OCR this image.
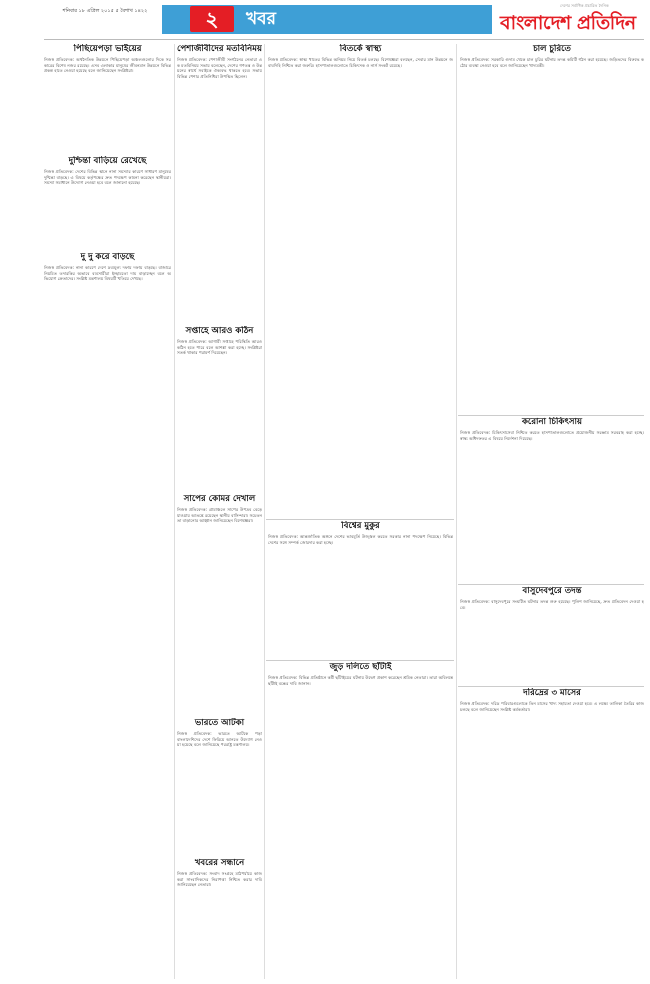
শনিবার ১৮ এপ্রিল ২০১৫ ৫ বৈশাখ ১৪২২	২	খবর
দেশের সর্বাধিক প্রচারিত দৈনিক
বাংলাদেশ প্রতিদিন
পিছিয়েপড়া ভাইয়ের
নিজস্ব প্রতিবেদক: অর্থনৈতিক উন্নয়নে পিছিয়েপড়া অঞ্চলগুলোর দিকে সরকারের বিশেষ নজর রয়েছে। এসব এলাকার মানুষের জীবনমান উন্নয়নে বিভিন্ন প্রকল্প হাতে নেওয়া হয়েছে বলে জানিয়েছেন সংশ্লিষ্টরা।
দুশ্চিন্তা বাড়িয়ে রেখেছে
নিজস্ব প্রতিবেদক: দেশের বিভিন্ন স্থানে নানা সমস্যার কারণে সাধারণ মানুষের দুশ্চিন্তা বাড়ছে। এ বিষয়ে কর্তৃপক্ষের দ্রুত পদক্ষেপ কামনা করেছেন স্থানীয়রা। সমস্যা সমাধানে উদ্যোগ নেওয়া হবে বলে জানানো হয়েছে।
দু দু করে বাড়ছে
নিজস্ব প্রতিবেদক: নানা কারণে দেশে দ্রব্যমূল্য দফায় দফায় বাড়ছে। বাজারে নিয়মিত তদারকির অভাবে ব্যবসায়ীরা ইচ্ছামতো দাম বাড়াচ্ছেন বলে অভিযোগ ক্রেতাদের। সংশ্লিষ্ট মন্ত্রণালয় বিষয়টি খতিয়ে দেখছে।
পেশাজীবীদের মতবিনিময়
নিজস্ব প্রতিবেদক: পেশাজীবী সংগঠনের নেতারা এক মতবিনিময় সভায় বলেছেন, দেশের গণতন্ত্র ও উন্নয়নের স্বার্থে সবাইকে ঐক্যবদ্ধ থাকতে হবে। সভায় বিভিন্ন পেশার প্রতিনিধিরা উপস্থিত ছিলেন।
সপ্তাহে আরও কঠিন
নিজস্ব প্রতিবেদক: আগামী সপ্তাহে পরিস্থিতি আরও কঠিন হতে পারে বলে আশঙ্কা করা হচ্ছে। সংশ্লিষ্টরা সতর্ক থাকার পরামর্শ দিয়েছেন।
সাপের কোমর দেখাল
নিজস্ব প্রতিবেদক: গ্রামাঞ্চলে সাপের উপদ্রব বেড়ে যাওয়ায় আতঙ্কে রয়েছেন স্থানীয় বাসিন্দারা। সচেতনতা বাড়ানোর আহ্বান জানিয়েছেন বিশেষজ্ঞরা।
ভারতে আটকা
নিজস্ব প্রতিবেদক: ভারতে আটকে পড়া বাংলাদেশিদের দেশে ফিরিয়ে আনতে উদ্যোগ নেওয়া হয়েছে বলে জানিয়েছে পররাষ্ট্র মন্ত্রণালয়।
খবরের সন্ধানে
নিজস্ব প্রতিবেদক: সংবাদ সংগ্রহে মাঠপর্যায়ে কাজ করা সাংবাদিকদের নিরাপত্তা নিশ্চিত করার দাবি জানিয়েছেন নেতারা।
বিতর্কে স্বাস্থ্য
নিজস্ব প্রতিবেদক: স্বাস্থ্য খাতের বিভিন্ন অনিয়ম নিয়ে বিতর্ক চলছে। বিশেষজ্ঞরা বলছেন, সেবার মান উন্নয়নে জবাবদিহি নিশ্চিত করা জরুরি। হাসপাতালগুলোতে চিকিৎসক ও নার্স সংকট রয়েছে।
বিশ্বের মুকুর
নিজস্ব প্রতিবেদক: আন্তর্জাতিক অঙ্গনে দেশের ভাবমূর্তি উজ্জ্বল করতে সরকার নানা পদক্ষেপ নিয়েছে। বিভিন্ন দেশের সঙ্গে সম্পর্ক জোরদার করা হচ্ছে।
জুড় দলিতে ছাঁটাই
নিজস্ব প্রতিবেদক: বিভিন্ন প্রতিষ্ঠানে কর্মী ছাঁটাইয়ের ঘটনায় উদ্বেগ প্রকাশ করেছেন শ্রমিক নেতারা। তারা অবিলম্বে ছাঁটাই বন্ধের দাবি জানান।
চাল চুরিতে
নিজস্ব প্রতিবেদক: সরকারি গুদাম থেকে চাল চুরির ঘটনায় তদন্ত কমিটি গঠন করা হয়েছে। জড়িতদের বিরুদ্ধে কঠোর ব্যবস্থা নেওয়া হবে বলে জানিয়েছেন খাদ্যমন্ত্রী।
করোনা চিকিৎসায়
নিজস্ব প্রতিবেদক: চিকিৎসাসেবা নিশ্চিত করতে হাসপাতালগুলোতে প্রয়োজনীয় সরঞ্জাম সরবরাহ করা হচ্ছে। স্বাস্থ্য অধিদফতর এ বিষয়ে নির্দেশনা দিয়েছে।
বাসুদেবপুরে তদন্ত
নিজস্ব প্রতিবেদক: বাসুদেবপুরে সংঘটিত ঘটনার তদন্ত শুরু হয়েছে। পুলিশ জানিয়েছে, দ্রুত প্রতিবেদন দেওয়া হবে।
দরিদ্রের ৩ মাসের
নিজস্ব প্রতিবেদক: দরিদ্র পরিবারগুলোকে তিন মাসের খাদ্য সহায়তা দেওয়া হবে। এ লক্ষ্যে তালিকা তৈরির কাজ চলছে বলে জানিয়েছেন সংশ্লিষ্ট কর্মকর্তারা।
